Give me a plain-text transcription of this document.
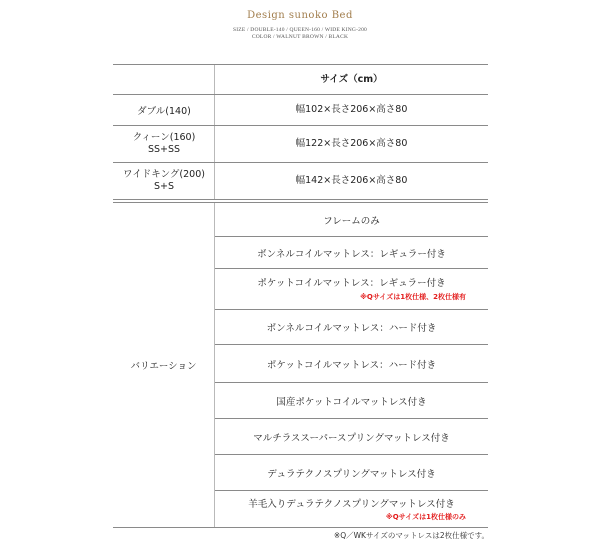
Design sunoko Bed
SIZE / DOUBLE-140 / QUEEN-160 / WIDE KING-200
COLOR / WALNUT BROWN / BLACK
サイズ（cm）
ダブル(140)	幅102×長さ206×高さ80
クィーン(160)
SS+SS
幅122×長さ206×高さ80
ワイドキング(200)
S+S
幅142×長さ206×高さ80
バリエーション
フレームのみ
ボンネルコイルマットレス：レギュラー付き
ポケットコイルマットレス：レギュラー付き
※Qサイズは1枚仕様、2枚仕様有
ボンネルコイルマットレス：ハード付き
ポケットコイルマットレス：ハード付き
国産ポケットコイルマットレス付き
マルチラススーパースプリングマットレス付き
デュラテクノスプリングマットレス付き
羊毛入りデュラテクノスプリングマットレス付き
※Qサイズは1枚仕様のみ
※Q／WKサイズのマットレスは2枚仕様です。
